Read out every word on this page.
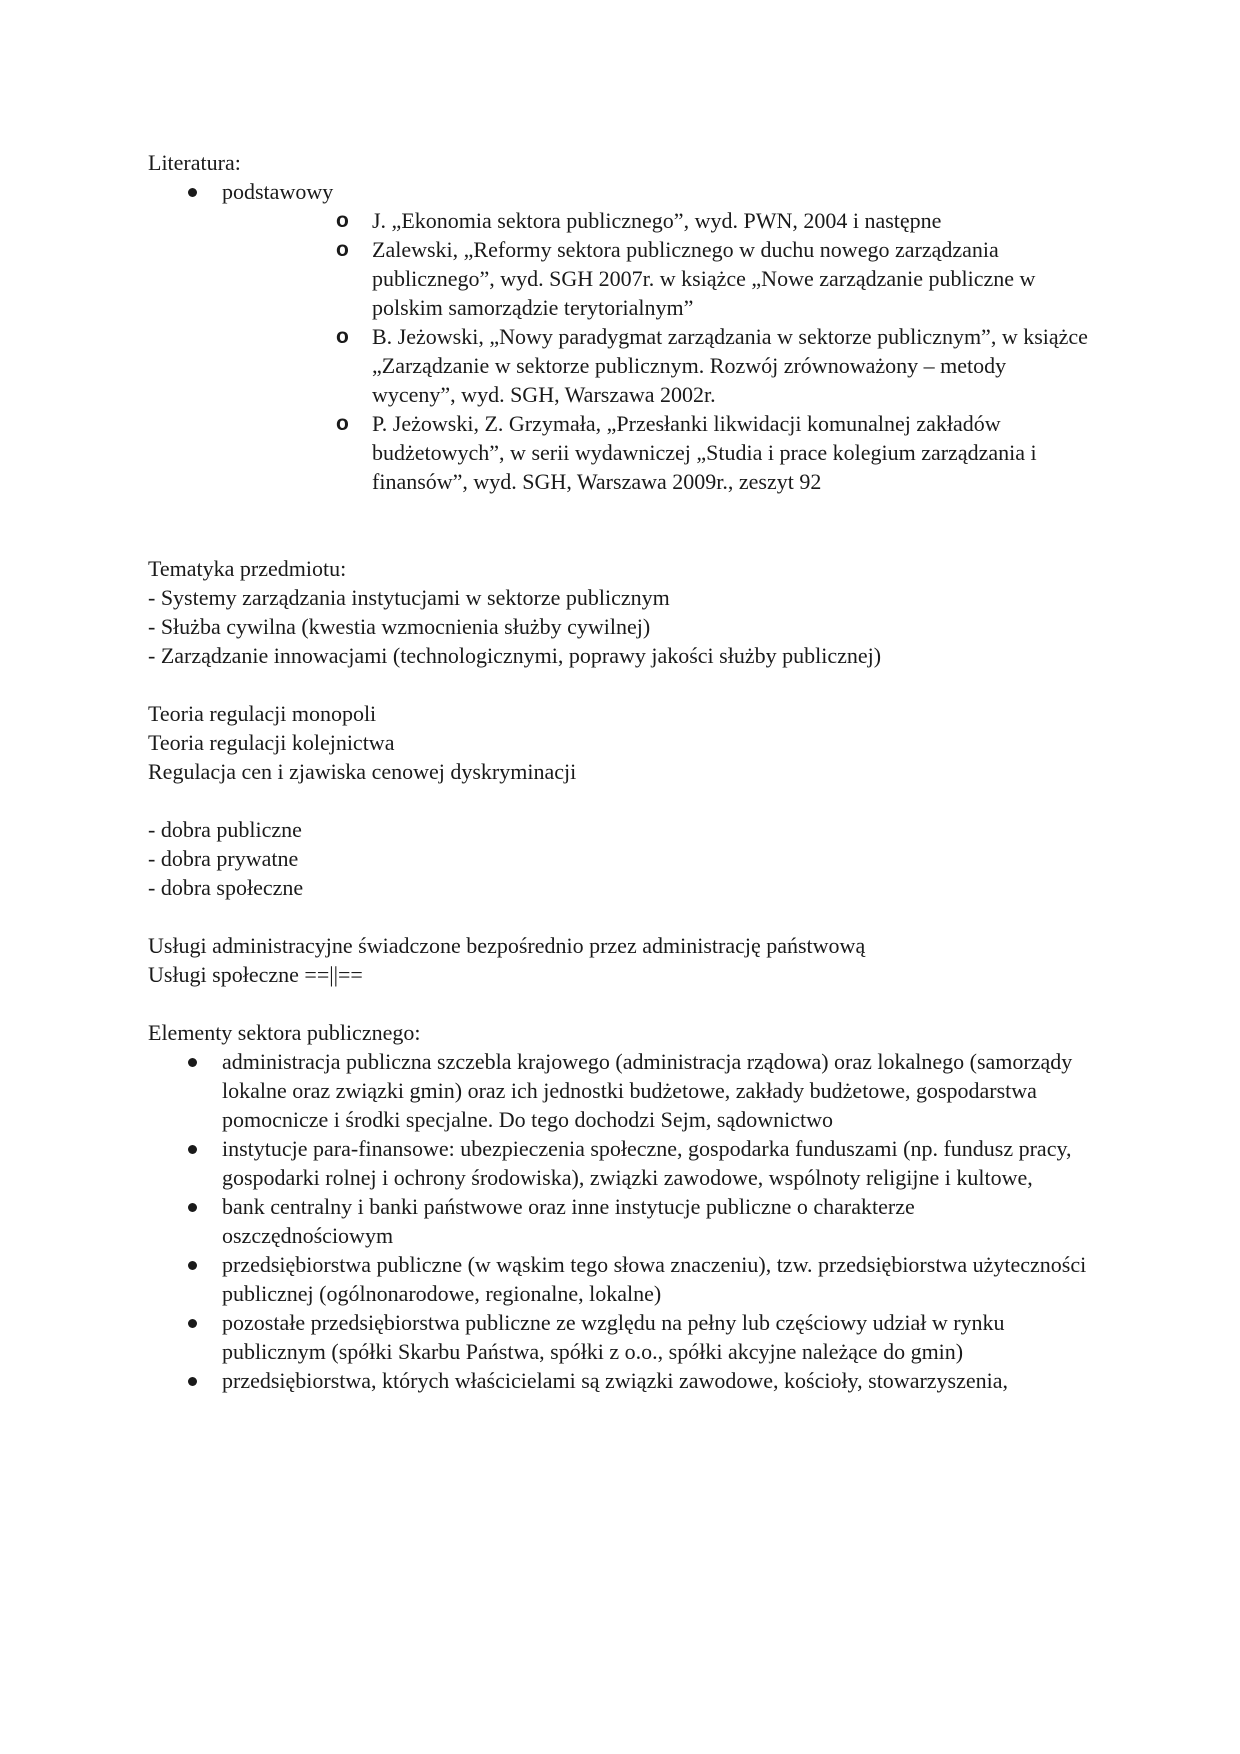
Literatura:

podstawowy
o J. „Ekonomia sektora publicznego”, wyd. PWN, 2004 i następne
o Zalewski, „Reformy sektora publicznego w duchu nowego zarządzania publicznego”, wyd. SGH 2007r. w książce „Nowe zarządzanie publiczne w polskim samorządzie terytorialnym”
o B. Jeżowski, „Nowy paradygmat zarządzania w sektorze publicznym”, w książce „Zarządzanie w sektorze publicznym. Rozwój zrównoważony – metody wyceny”, wyd. SGH, Warszawa 2002r.
o P. Jeżowski, Z. Grzymała, „Przesłanki likwidacji komunalnej zakładów budżetowych”, w serii wydawniczej „Studia i prace kolegium zarządzania i finansów”, wyd. SGH, Warszawa 2009r., zeszyt 92

Tematyka przedmiotu:

- Systemy zarządzania instytucjami w sektorze publicznym

- Służba cywilna (kwestia wzmocnienia służby cywilnej)

- Zarządzanie innowacjami (technologicznymi, poprawy jakości służby publicznej)

Teoria regulacji monopoli

Teoria regulacji kolejnictwa

Regulacja cen i zjawiska cenowej dyskryminacji

- dobra publiczne

- dobra prywatne

- dobra społeczne

Usługi administracyjne świadczone bezpośrednio przez administrację państwową

Usługi społeczne ==||==

Elementy sektora publicznego:

administracja publiczna szczebla krajowego (administracja rządowa) oraz lokalnego (samorządy lokalne oraz związki gmin) oraz ich jednostki budżetowe, zakłady budżetowe, gospodarstwa pomocnicze i środki specjalne. Do tego dochodzi Sejm, sądownictwo
instytucje para-finansowe: ubezpieczenia społeczne, gospodarka funduszami (np. fundusz pracy, gospodarki rolnej i ochrony środowiska), związki zawodowe, wspólnoty religijne i kultowe,
bank centralny i banki państwowe oraz inne instytucje publiczne o charakterze oszczędnościowym
przedsiębiorstwa publiczne (w wąskim tego słowa znaczeniu), tzw. przedsiębiorstwa użyteczności publicznej (ogólnonarodowe, regionalne, lokalne)
pozostałe przedsiębiorstwa publiczne ze względu na pełny lub częściowy udział w rynku publicznym (spółki Skarbu Państwa, spółki z o.o., spółki akcyjne należące do gmin)
przedsiębiorstwa, których właścicielami są związki zawodowe, kościoły, stowarzyszenia,
